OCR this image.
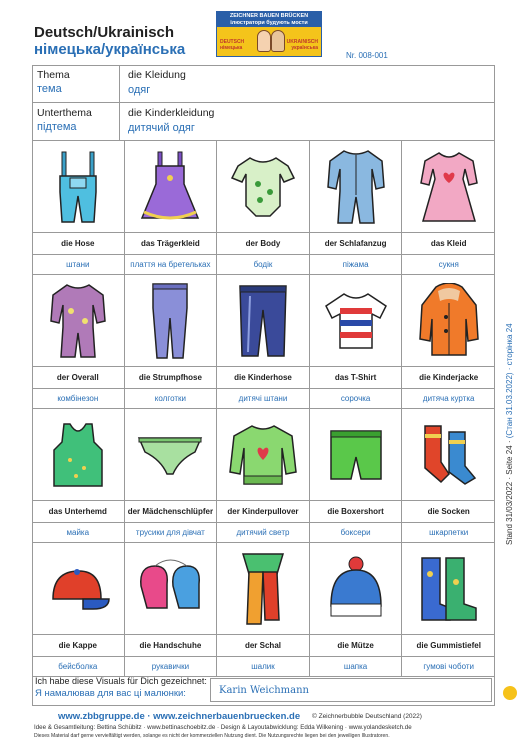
Deutsch/Ukrainisch
німецька/українська
ZEICHNER BAUEN BRÜCKEN
ілюстратори будують мости
DEUTSCH
німецька
UKRAINISCH
українська
Nr. 008-001
Thema
тема
die Kleidung
одяг
Unterthema
підтема
die Kinderkleidung
дитячий одяг
die Hose
штани
das Trägerkleid
плаття на бретельках
der Body
бодік
der Schlafanzug
піжама
das Kleid
сукня
der Overall
комбінезон
die Strumpfhose
колготки
die Kinderhose
дитячі штани
das T-Shirt
сорочка
die Kinderjacke
дитяча куртка
das Unterhemd
майка
der Mädchenschlüpfer
трусики для дівчат
der Kinderpullover
дитячий светр
die Boxershort
боксери
die Socken
шкарпетки
die Kappe
бейсболка
die Handschuhe
рукавички
der Schal
шалик
die Mütze
шапка
die Gummistiefel
гумові чоботи
Ich habe diese Visuals für Dich gezeichnet:
Я намалював для вас ці малюнки:	Karin Weichmann
www.zbbgruppe.de · www.zeichnerbauenbruecken.de © Zeichnerbubble Deutschland (2022)
Idee & Gesamtleitung: Bettina Schübitz · www.bettinaschoebitz.de · Design & Layoutabwicklung: Edda Wilkening · www.yolandesketch.de
Dieses Material darf gerne vervielfältigt werden, solange es nicht der kommerziellen Nutzung dient. Die Nutzungsrechte liegen bei den jeweiligen Illustratoren.
Stand 31/03/2022 · Seite 24 · (Стан 31.03.2022) · сторінка 24
